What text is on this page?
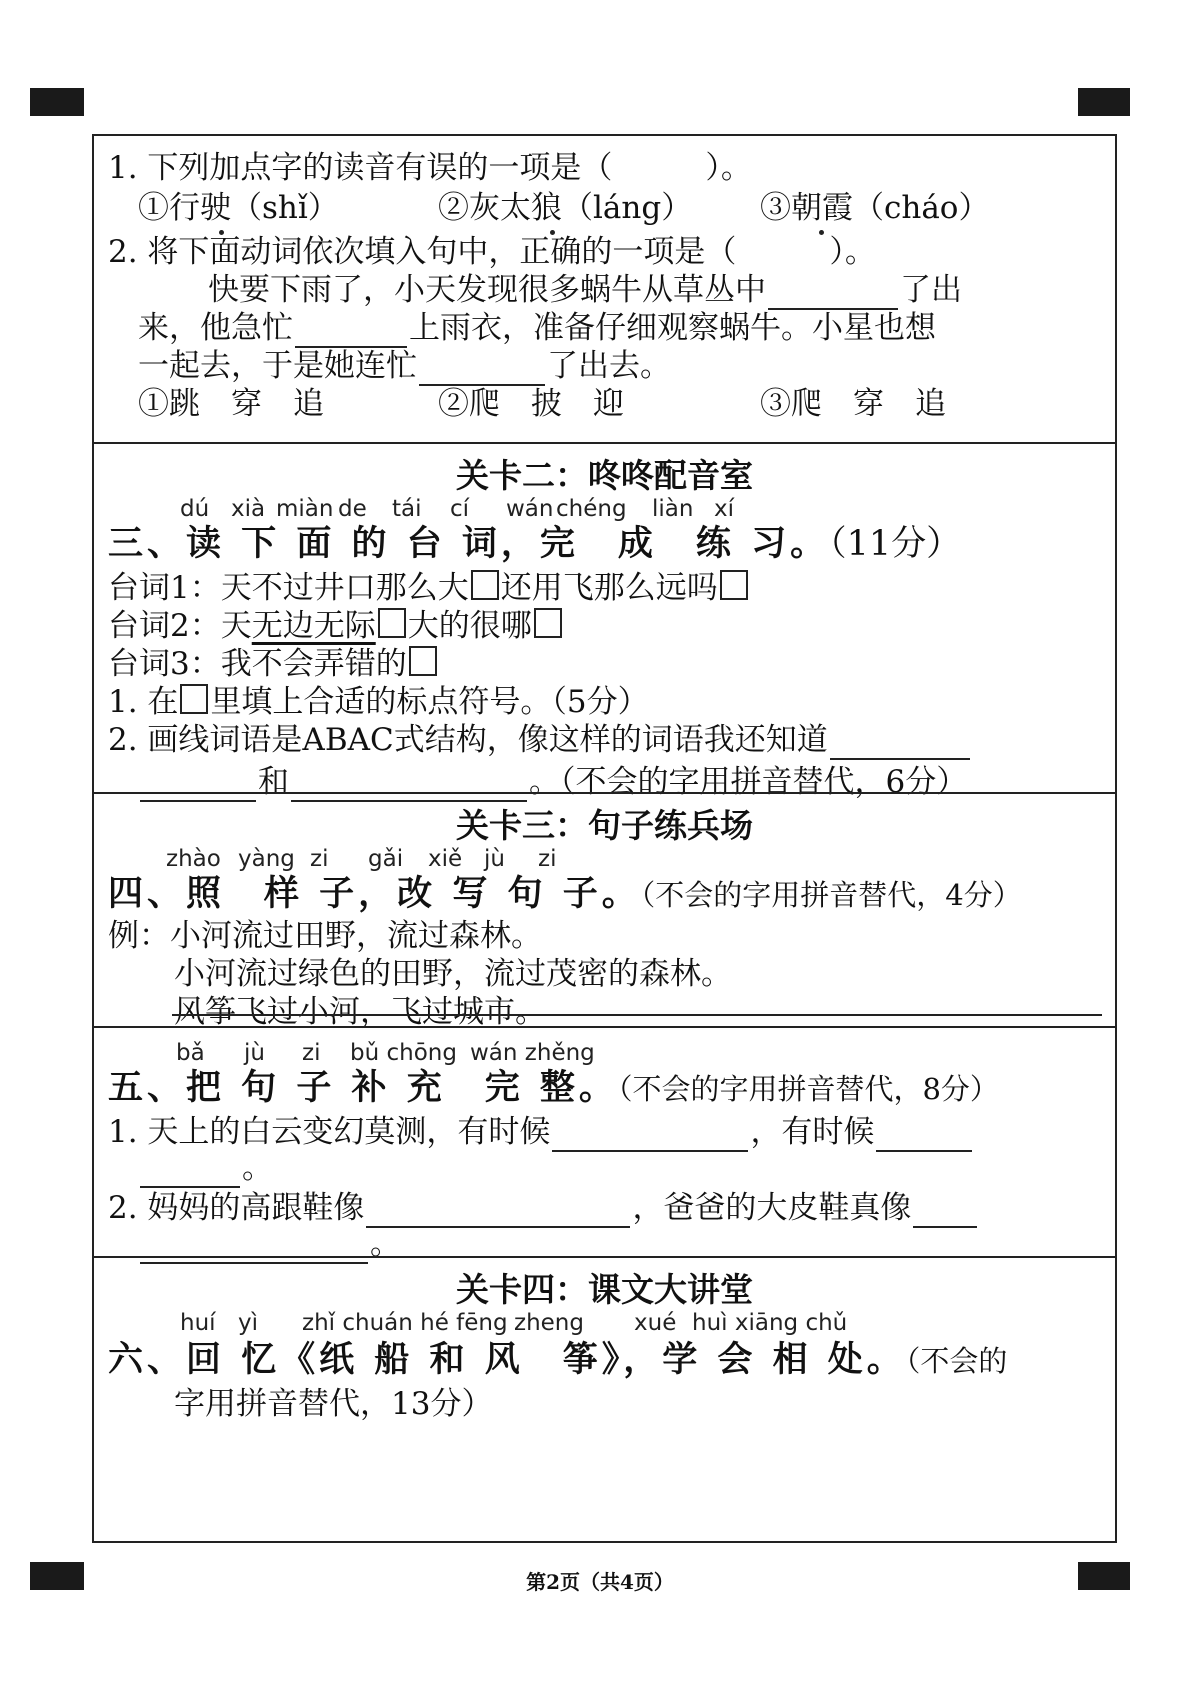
1. 下列加点字的读音有误的一项是（　　　）。
①行驶（shǐ）	②灰太狼（láng） ③朝霞（cháo）
2. 将下面动词依次填入句中，正确的一项是（　　　）。
快要下雨了，小天发现很多蜗牛从草丛中	了出
来，他急忙	上雨衣，准备仔细观察蜗牛。小星也想
一起去，于是她连忙	了出去。
①跳　穿　追	②爬　披　迎	③爬　穿　追
关卡二：咚咚配音室
dú xià miàn de tái cí wán chéng liàn xí
三、读 下 面 的 台 词，完　成　练 习。（11分）
台词1：天不过井口那么大 还用飞那么远吗
台词2：天无边无际 大的很哪
台词3：我不会弄错的
1. 在 里填上合适的标点符号。（5分）
2. 画线词语是ABAC式结构，像这样的词语我还知道
和	。（不会的字用拼音替代，6分）
关卡三：句子练兵场
zhào yàng zi gǎi xiě jù zi
四、照　样 子，改 写 句 子。（不会的字用拼音替代，4分）
例：小河流过田野，流过森林。
小河流过绿色的田野，流过茂密的森林。
风筝飞过小河，飞过城市。
bǎ jù zi bǔ chōng wán zhěng
五、把 句 子 补 充　完 整。（不会的字用拼音替代，8分）
1. 天上的白云变幻莫测，有时候	，有时候
。
2. 妈妈的高跟鞋像	，爸爸的大皮鞋真像
。
关卡四：课文大讲堂
huí yì zhǐ chuán hé fēng zheng xué huì xiāng chǔ
六、回 忆《纸 船 和 风　筝》，学 会 相 处。（不会的
字用拼音替代，13分）
第2页（共4页）
